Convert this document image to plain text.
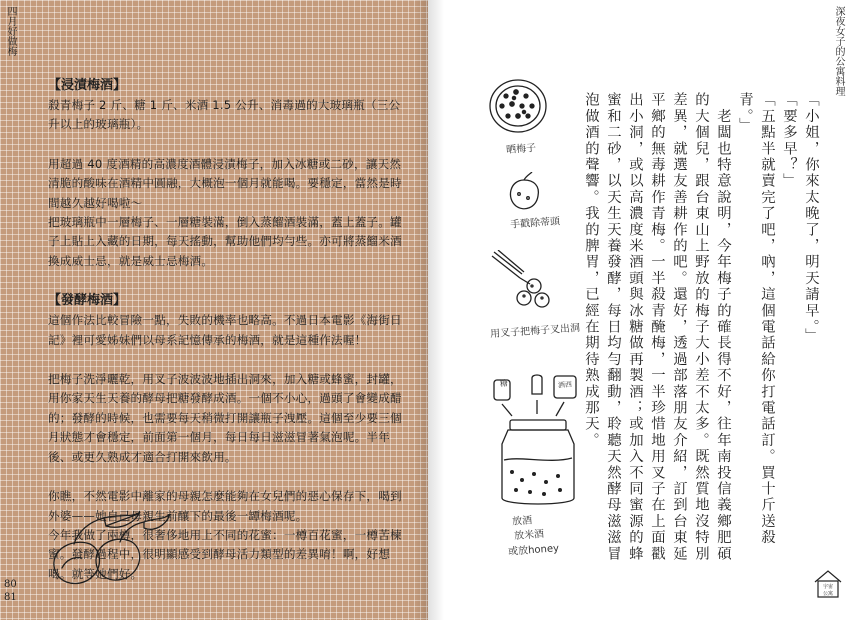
四月好做梅
80
81

【浸漬梅酒】

殺青梅子 2 斤、糖 1 斤、米酒 1.5 公升、消毒過的大玻璃瓶（三公升以上的玻璃瓶）。

用超過 40 度酒精的高濃度酒體浸漬梅子，加入冰糖或二砂，讓天然清脆的酸味在酒精中圓融，大概泡一個月就能喝。要穩定，當然是時間越久越好喝啦～

把玻璃瓶中一層梅子、一層糖裝滿，倒入蒸餾酒裝滿，蓋上蓋子。罐子上貼上入藏的日期，每天搖動，幫助他們均勻些。亦可將蒸餾米酒換成威士忌，就是威士忌梅酒。

【發酵梅酒】

這個作法比較冒險一點，失敗的機率也略高。不過日本電影《海街日記》裡可愛姊妹們以母系記憶傳承的梅酒，就是這種作法喔！

把梅子洗淨曬乾，用叉子波波波地插出洞來，加入糖或蜂蜜，封罐，用你家天生天養的酵母把糖發酵成酒。一個不小心，過頭了會變成醋的；發酵的時候，也需要每天稍微打開讓瓶子洩壓。這個至少要三個月狀態才會穩定，前面第一個月，每日每日滋滋冒著氣泡呢。半年後、或更久熟成才適合打開來飲用。

你瞧，不然電影中離家的母親怎麼能夠在女兒們的惡心保存下，喝到外婆——她自己母親生前釀下的最後一罈梅酒呢。

今年我做了兩樽，很奢侈地用上不同的花蜜：一樽百花蜜，一樽苦楝蜜。發酵過程中，很明顯感受到酵母活力類型的差異唷！啊，好想喝。就等她們好。

深夜女子的公寓料理

「小姐，你來太晚了，明天請早。」

「要多早？」

「五點半就賣完了吧，吶，這個電話給你打電話訂。買十斤送殺青。」

　老闆也特意說明，今年梅子的確長得不好，往年南投信義鄉肥碩的大個兒，跟台東山上野放的梅子大小差不太多。既然質地沒特別差異，就選友善耕作的吧。還好，透過部落朋友介紹，訂到台東延平鄉的無毒耕作青梅。一半殺青醃梅，一半珍惜地用叉子在上面戳出小洞，或以高濃度米酒頭與冰糖做再製酒；或加入不同蜜源的蜂蜜和二砂，以天生天養發酵，每日均勻翻動，聆聽天然酵母滋滋冒泡做酒的聲響。我的脾胃，已經在期待熟成那天。

晒梅子
手戳除蒂頭
用叉子把梅子叉出洞
糖	酒西
放酒
放米酒
或放honey
宇宙
公寓
